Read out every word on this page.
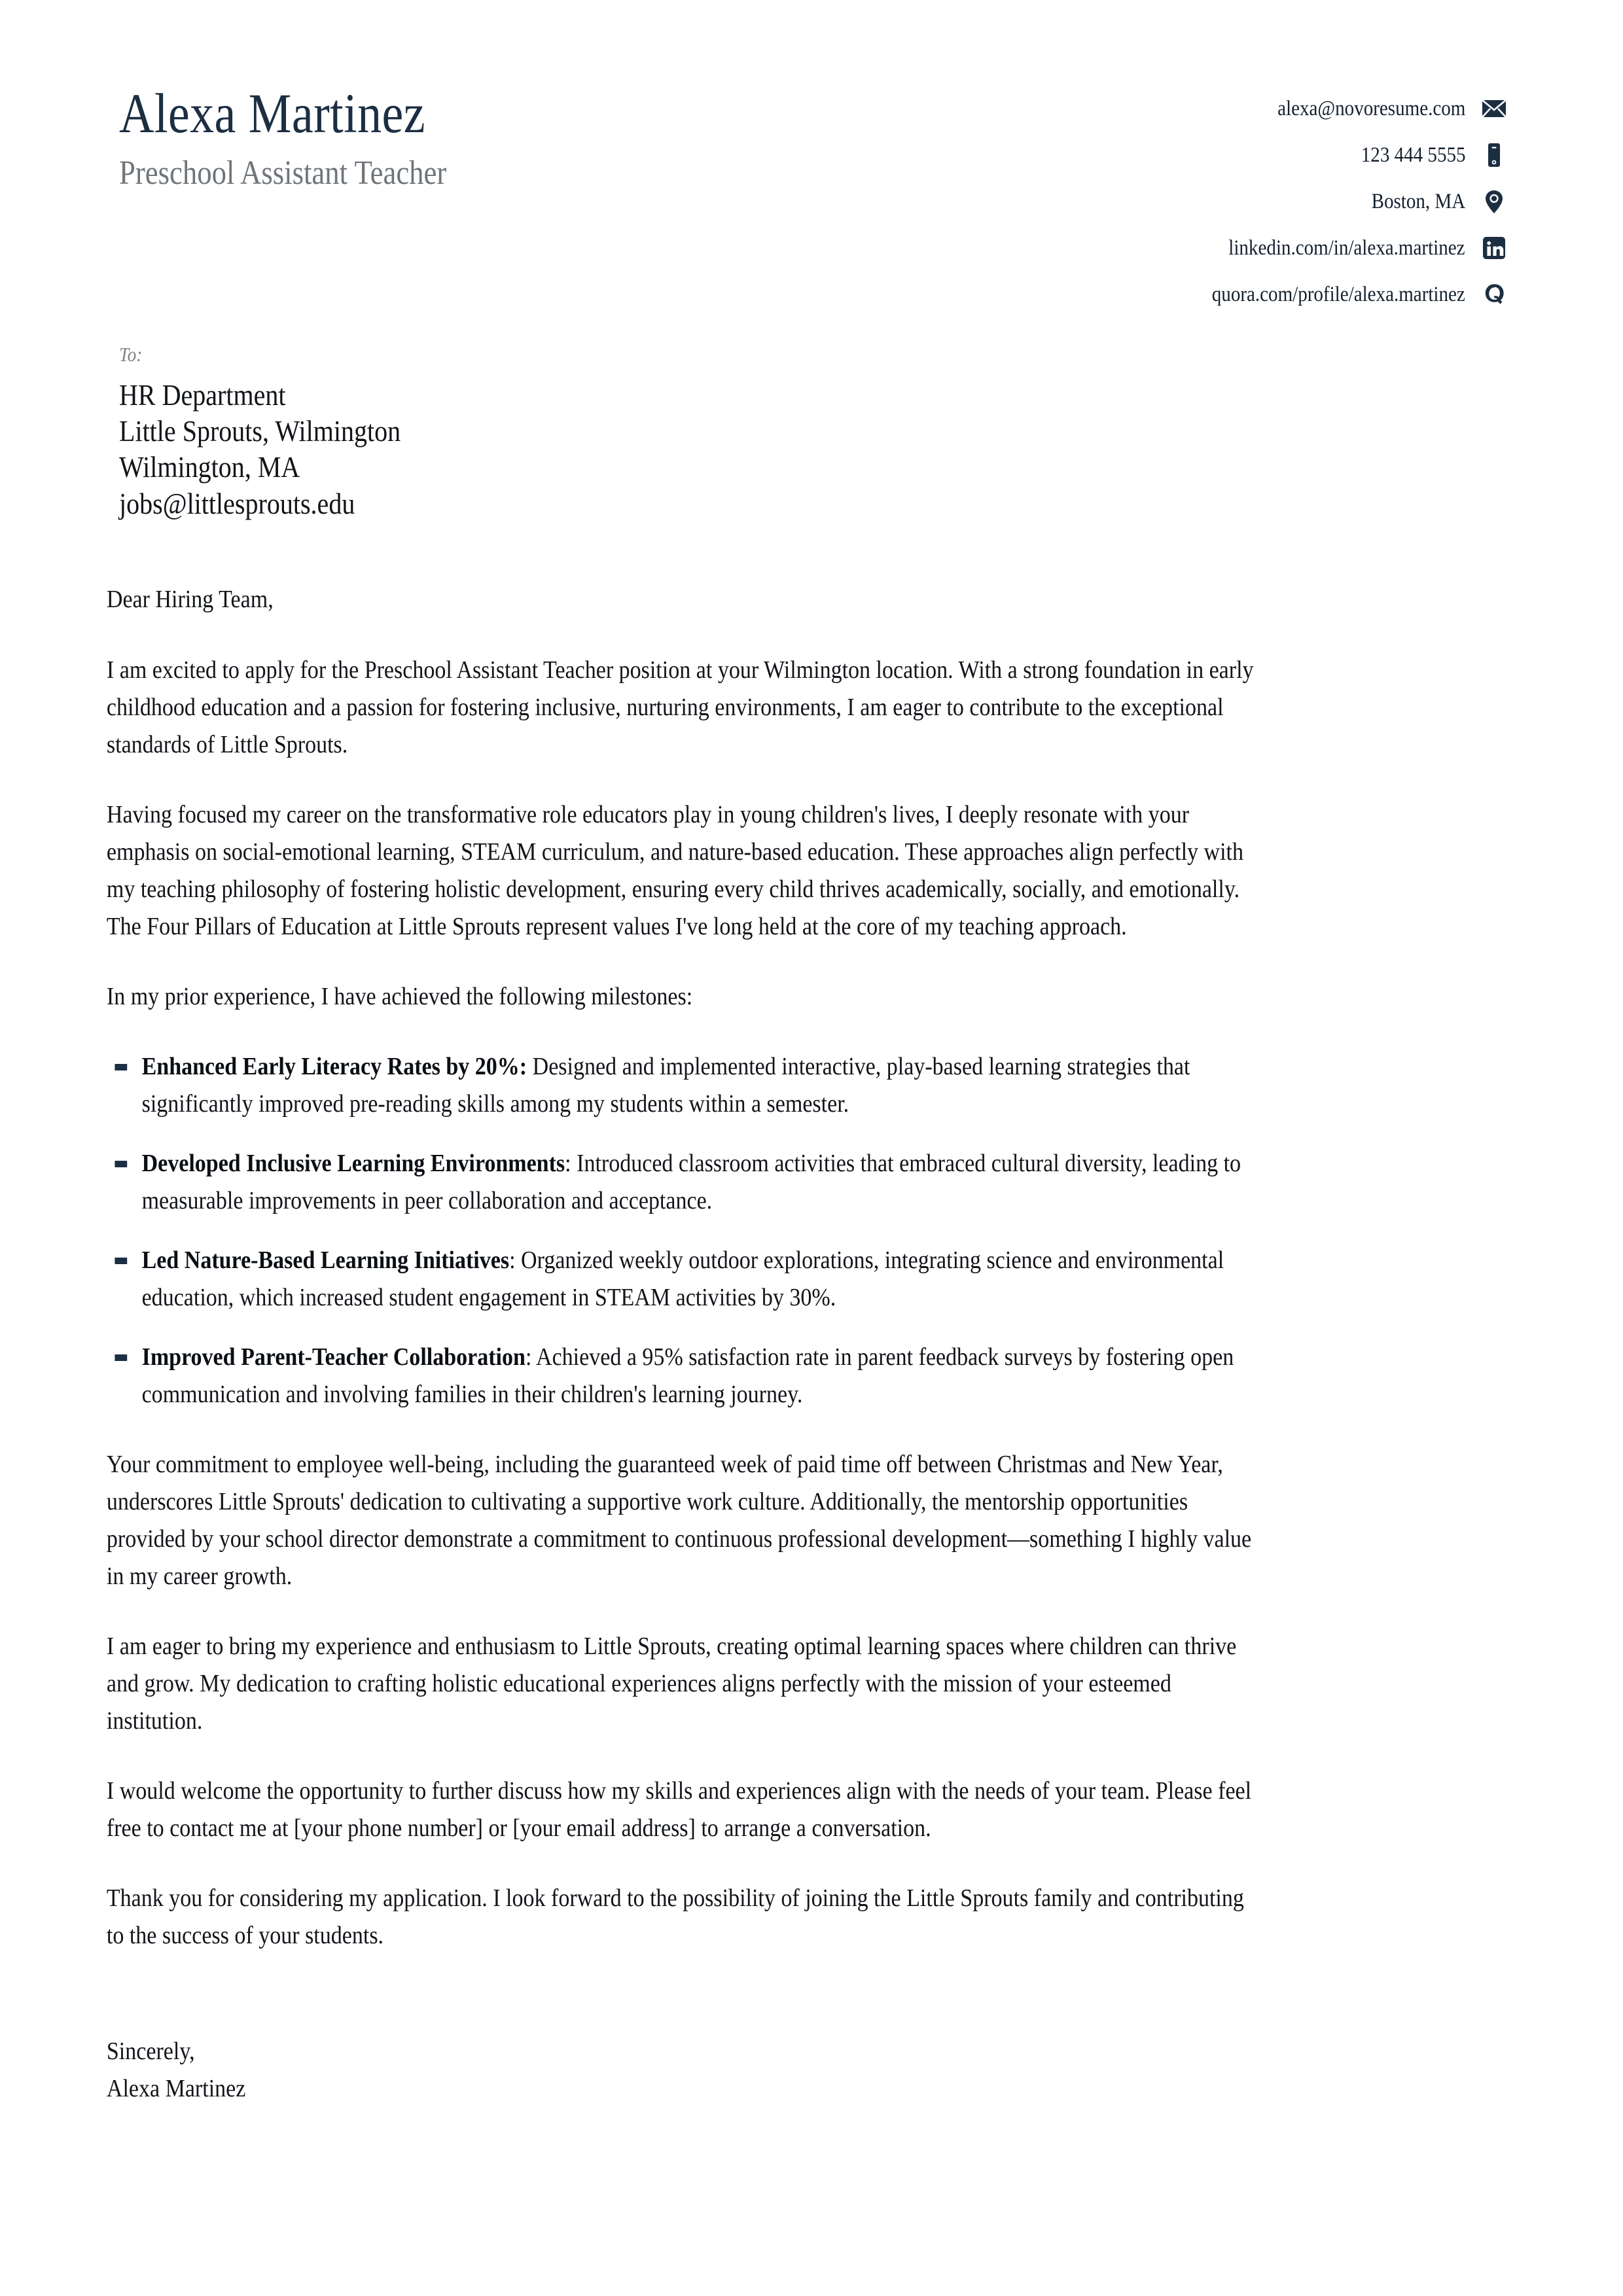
Alexa Martinez
Preschool Assistant Teacher
alexa@novoresume.com
123 444 5555
Boston, MA
linkedin.com/in/alexa.martinez
quora.com/profile/alexa.martinez
To:
HR Department
Little Sprouts, Wilmington
Wilmington, MA
jobs@littlesprouts.edu
Dear Hiring Team,

I am excited to apply for the Preschool Assistant Teacher position at your Wilmington location. With a strong foundation in early childhood education and a passion for fostering inclusive, nurturing environments, I am eager to contribute to the exceptional standards of Little Sprouts.

Having focused my career on the transformative role educators play in young children's lives, I deeply resonate with your emphasis on social-emotional learning, STEAM curriculum, and nature-based education. These approaches align perfectly with my teaching philosophy of fostering holistic development, ensuring every child thrives academically, socially, and emotionally. The Four Pillars of Education at Little Sprouts represent values I've long held at the core of my teaching approach.

In my prior experience, I have achieved the following milestones:

Enhanced Early Literacy Rates by 20%: Designed and implemented interactive, play-based learning strategies that significantly improved pre-reading skills among my students within a semester.
Developed Inclusive Learning Environments: Introduced classroom activities that embraced cultural diversity, leading to measurable improvements in peer collaboration and acceptance.
Led Nature-Based Learning Initiatives: Organized weekly outdoor explorations, integrating science and environmental education, which increased student engagement in STEAM activities by 30%.
Improved Parent-Teacher Collaboration: Achieved a 95% satisfaction rate in parent feedback surveys by fostering open communication and involving families in their children's learning journey.

Your commitment to employee well-being, including the guaranteed week of paid time off between Christmas and New Year, underscores Little Sprouts' dedication to cultivating a supportive work culture. Additionally, the mentorship opportunities provided by your school director demonstrate a commitment to continuous professional development—something I highly value in my career growth.

I am eager to bring my experience and enthusiasm to Little Sprouts, creating optimal learning spaces where children can thrive and grow. My dedication to crafting holistic educational experiences aligns perfectly with the mission of your esteemed institution.

I would welcome the opportunity to further discuss how my skills and experiences align with the needs of your team. Please feel free to contact me at [your phone number] or [your email address] to arrange a conversation.

Thank you for considering my application. I look forward to the possibility of joining the Little Sprouts family and contributing to the success of your students.

Sincerely,
Alexa Martinez
